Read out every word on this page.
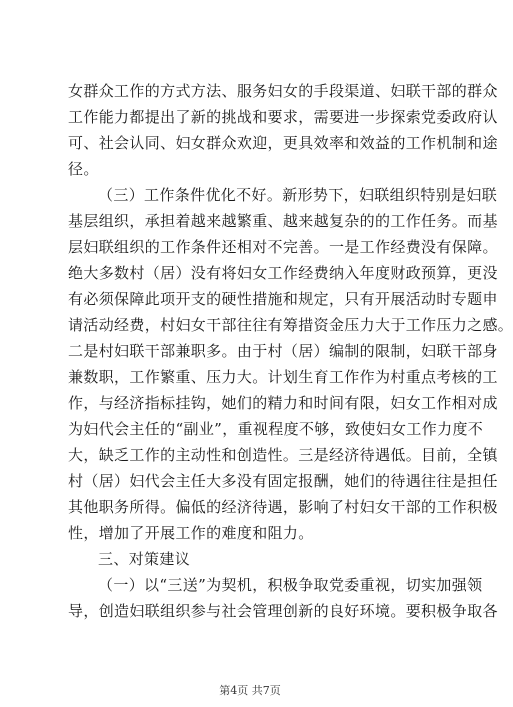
女群众工作的方式方法、服务妇女的手段渠道、妇联干部的群众
工作能力都提出了新的挑战和要求，需要进一步探索党委政府认
可、社会认同、妇女群众欢迎，更具效率和效益的工作机制和途
径。
（三）工作条件优化不好。新形势下，妇联组织特别是妇联
基层组织，承担着越来越繁重、越来越复杂的的工作任务。而基
层妇联组织的工作条件还相对不完善。一是工作经费没有保障。
绝大多数村（居）没有将妇女工作经费纳入年度财政预算，更没
有必须保障此项开支的硬性措施和规定，只有开展活动时专题申
请活动经费，村妇女干部往往有筹措资金压力大于工作压力之感。
二是村妇联干部兼职多。由于村（居）编制的限制，妇联干部身
兼数职，工作繁重、压力大。计划生育工作作为村重点考核的工
作，与经济指标挂钩，她们的精力和时间有限，妇女工作相对成
为妇代会主任的“副业”，重视程度不够，致使妇女工作力度不
大，缺乏工作的主动性和创造性。三是经济待遇低。目前，全镇
村（居）妇代会主任大多没有固定报酬，她们的待遇往往是担任
其他职务所得。偏低的经济待遇，影响了村妇女干部的工作积极
性，增加了开展工作的难度和阻力。
三、对策建议
（一）以“三送”为契机，积极争取党委重视，切实加强领
导，创造妇联组织参与社会管理创新的良好环境。要积极争取各
第4页 共7页
